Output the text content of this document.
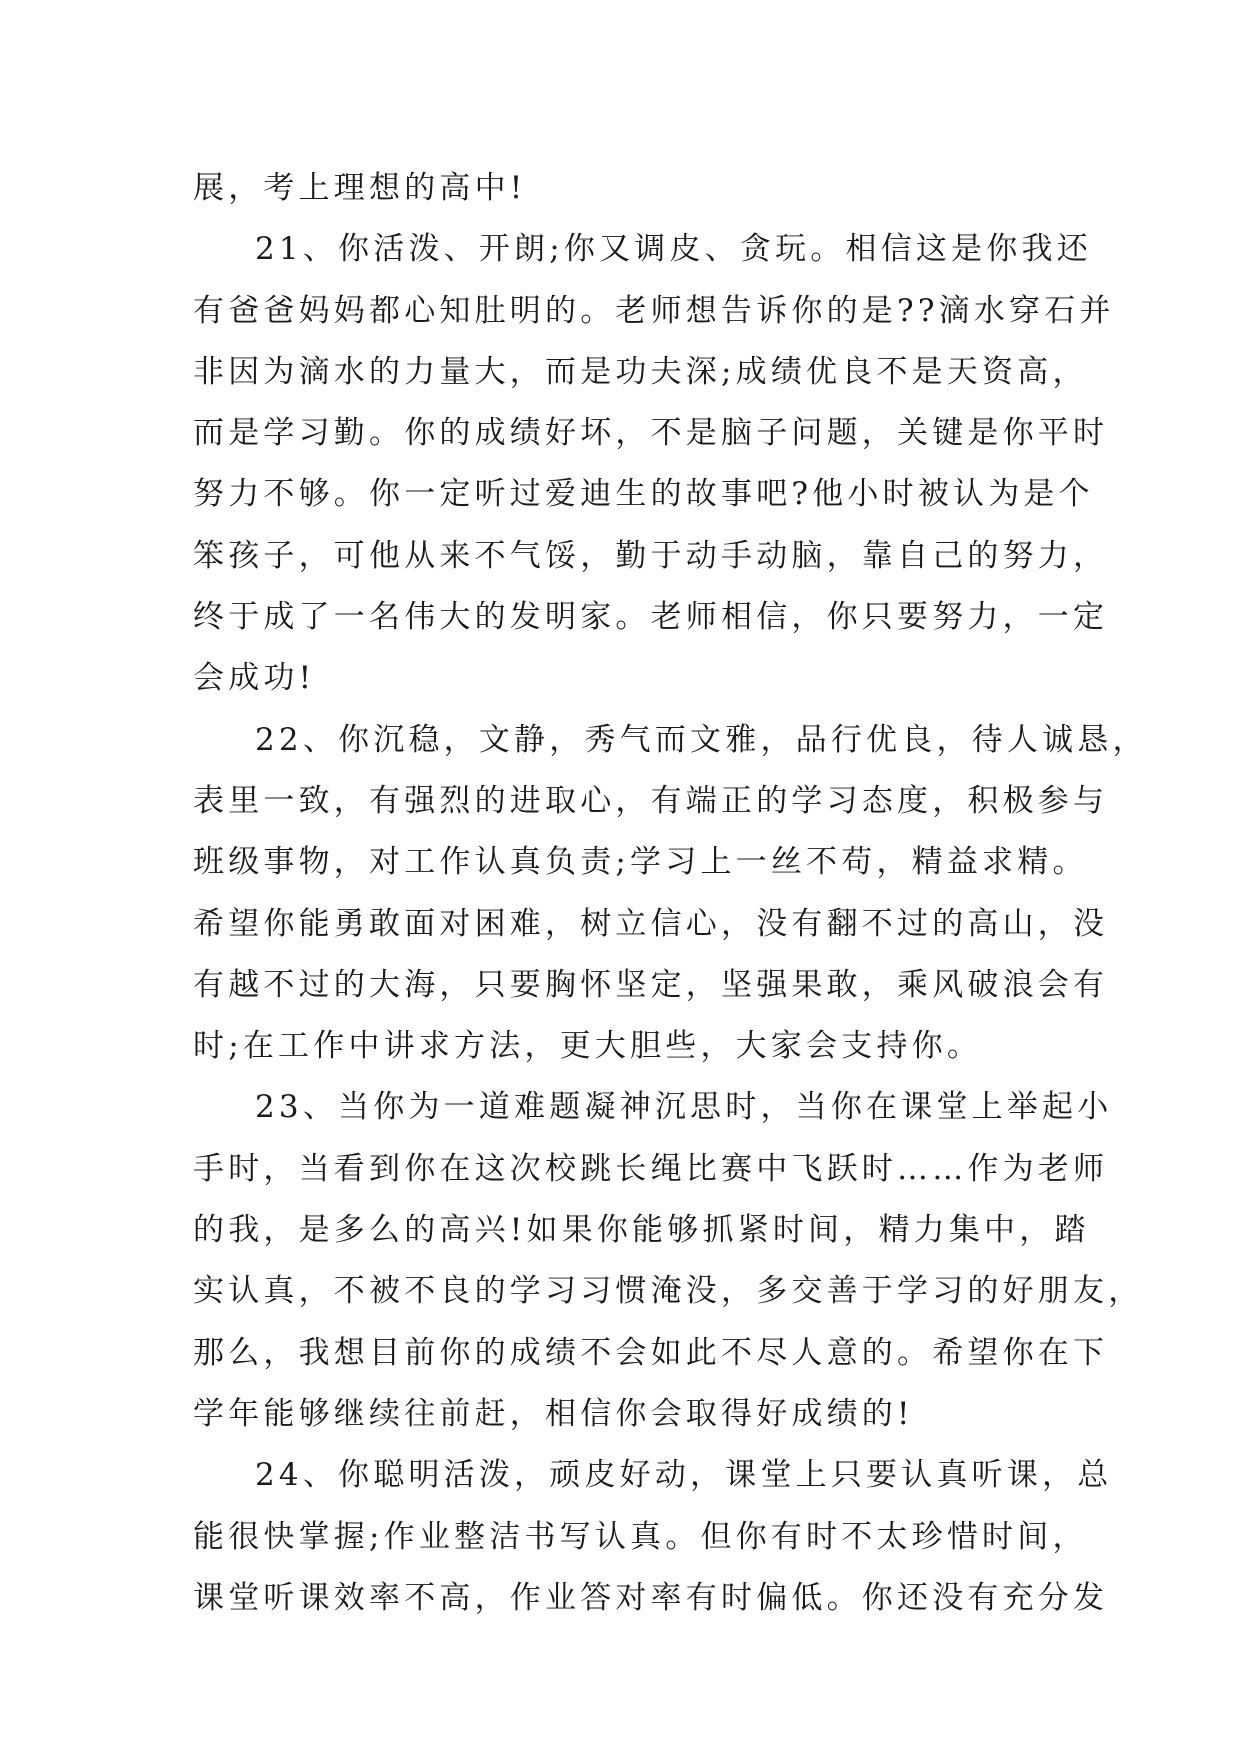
展，考上理想的高中!
21、你活泼、开朗;你又调皮、贪玩。相信这是你我还
有爸爸妈妈都心知肚明的。老师想告诉你的是??滴水穿石并
非因为滴水的力量大，而是功夫深;成绩优良不是天资高，
而是学习勤。你的成绩好坏，不是脑子问题，关键是你平时
努力不够。你一定听过爱迪生的故事吧?他小时被认为是个
笨孩子，可他从来不气馁，勤于动手动脑，靠自己的努力，
终于成了一名伟大的发明家。老师相信，你只要努力，一定
会成功!
22、你沉稳，文静，秀气而文雅，品行优良，待人诚恳，
表里一致，有强烈的进取心，有端正的学习态度，积极参与
班级事物，对工作认真负责;学习上一丝不苟，精益求精。
希望你能勇敢面对困难，树立信心，没有翻不过的高山，没
有越不过的大海，只要胸怀坚定，坚强果敢，乘风破浪会有
时;在工作中讲求方法，更大胆些，大家会支持你。
23、当你为一道难题凝神沉思时，当你在课堂上举起小
手时，当看到你在这次校跳长绳比赛中飞跃时……作为老师
的我，是多么的高兴!如果你能够抓紧时间，精力集中，踏
实认真，不被不良的学习习惯淹没，多交善于学习的好朋友，
那么，我想目前你的成绩不会如此不尽人意的。希望你在下
学年能够继续往前赶，相信你会取得好成绩的!
24、你聪明活泼，顽皮好动，课堂上只要认真听课，总
能很快掌握;作业整洁书写认真。但你有时不太珍惜时间，
课堂听课效率不高，作业答对率有时偏低。你还没有充分发
